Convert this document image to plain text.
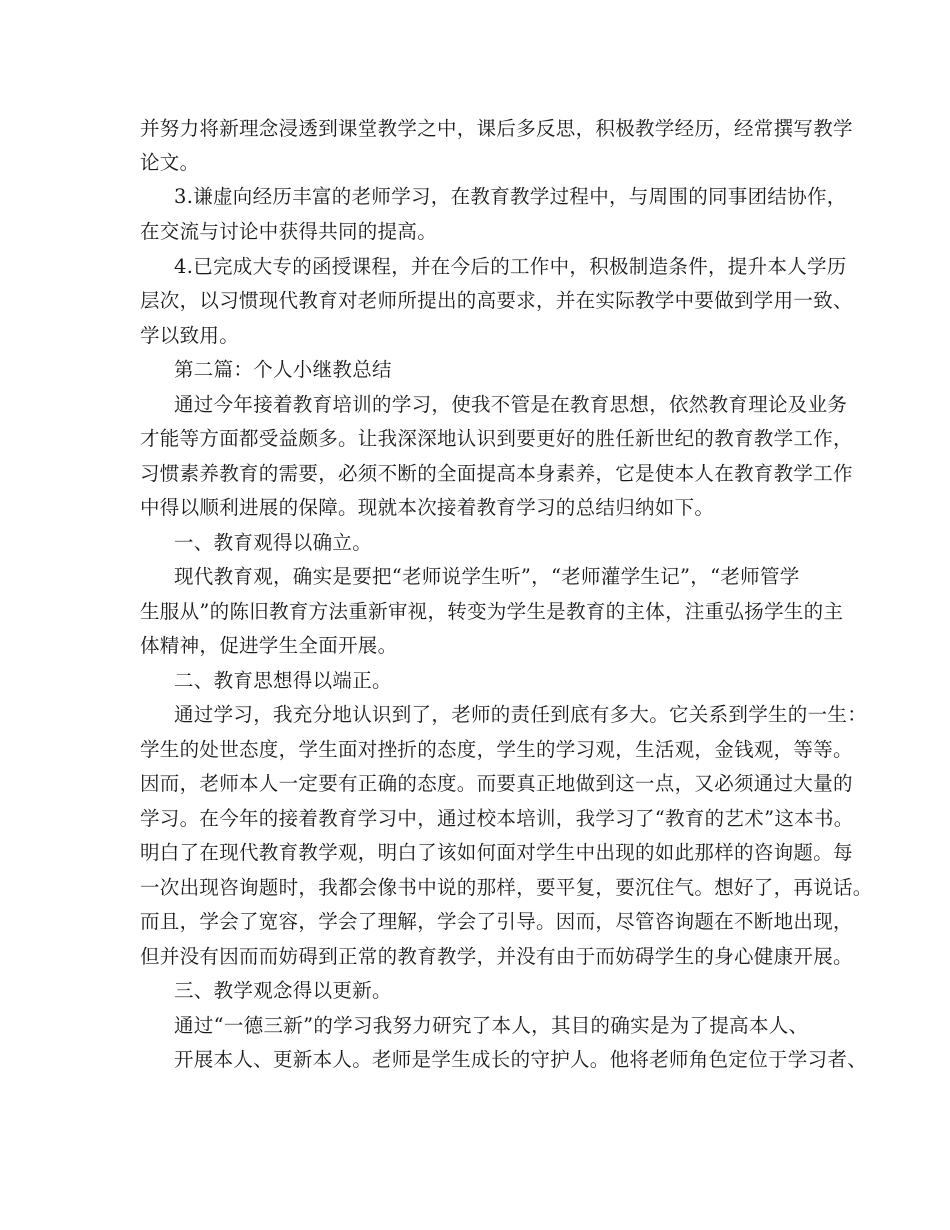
并努力将新理念浸透到课堂教学之中，课后多反思，积极教学经历，经常撰写教学
论文。
3.谦虚向经历丰富的老师学习，在教育教学过程中，与周围的同事团结协作，
在交流与讨论中获得共同的提高。
4.已完成大专的函授课程，并在今后的工作中，积极制造条件，提升本人学历
层次，以习惯现代教育对老师所提出的高要求，并在实际教学中要做到学用一致、
学以致用。
第二篇：个人小继教总结
通过今年接着教育培训的学习，使我不管是在教育思想，依然教育理论及业务
才能等方面都受益颇多。让我深深地认识到要更好的胜任新世纪的教育教学工作，
习惯素养教育的需要，必须不断的全面提高本身素养，它是使本人在教育教学工作
中得以顺利进展的保障。现就本次接着教育学习的总结归纳如下。
一、教育观得以确立。
现代教育观，确实是要把“老师说学生听”，“老师灌学生记”，“老师管学
生服从”的陈旧教育方法重新审视，转变为学生是教育的主体，注重弘扬学生的主
体精神，促进学生全面开展。
二、教育思想得以端正。
通过学习，我充分地认识到了，老师的责任到底有多大。它关系到学生的一生：
学生的处世态度，学生面对挫折的态度，学生的学习观，生活观，金钱观，等等。
因而，老师本人一定要有正确的态度。而要真正地做到这一点，又必须通过大量的
学习。在今年的接着教育学习中，通过校本培训，我学习了“教育的艺术”这本书。
明白了在现代教育教学观，明白了该如何面对学生中出现的如此那样的咨询题。每
一次出现咨询题时，我都会像书中说的那样，要平复，要沉住气。想好了，再说话。
而且，学会了宽容，学会了理解，学会了引导。因而，尽管咨询题在不断地出现，
但并没有因而而妨碍到正常的教育教学，并没有由于而妨碍学生的身心健康开展。
三、教学观念得以更新。
通过“一德三新”的学习我努力研究了本人，其目的确实是为了提高本人、
开展本人、更新本人。老师是学生成长的守护人。他将老师角色定位于学习者、
